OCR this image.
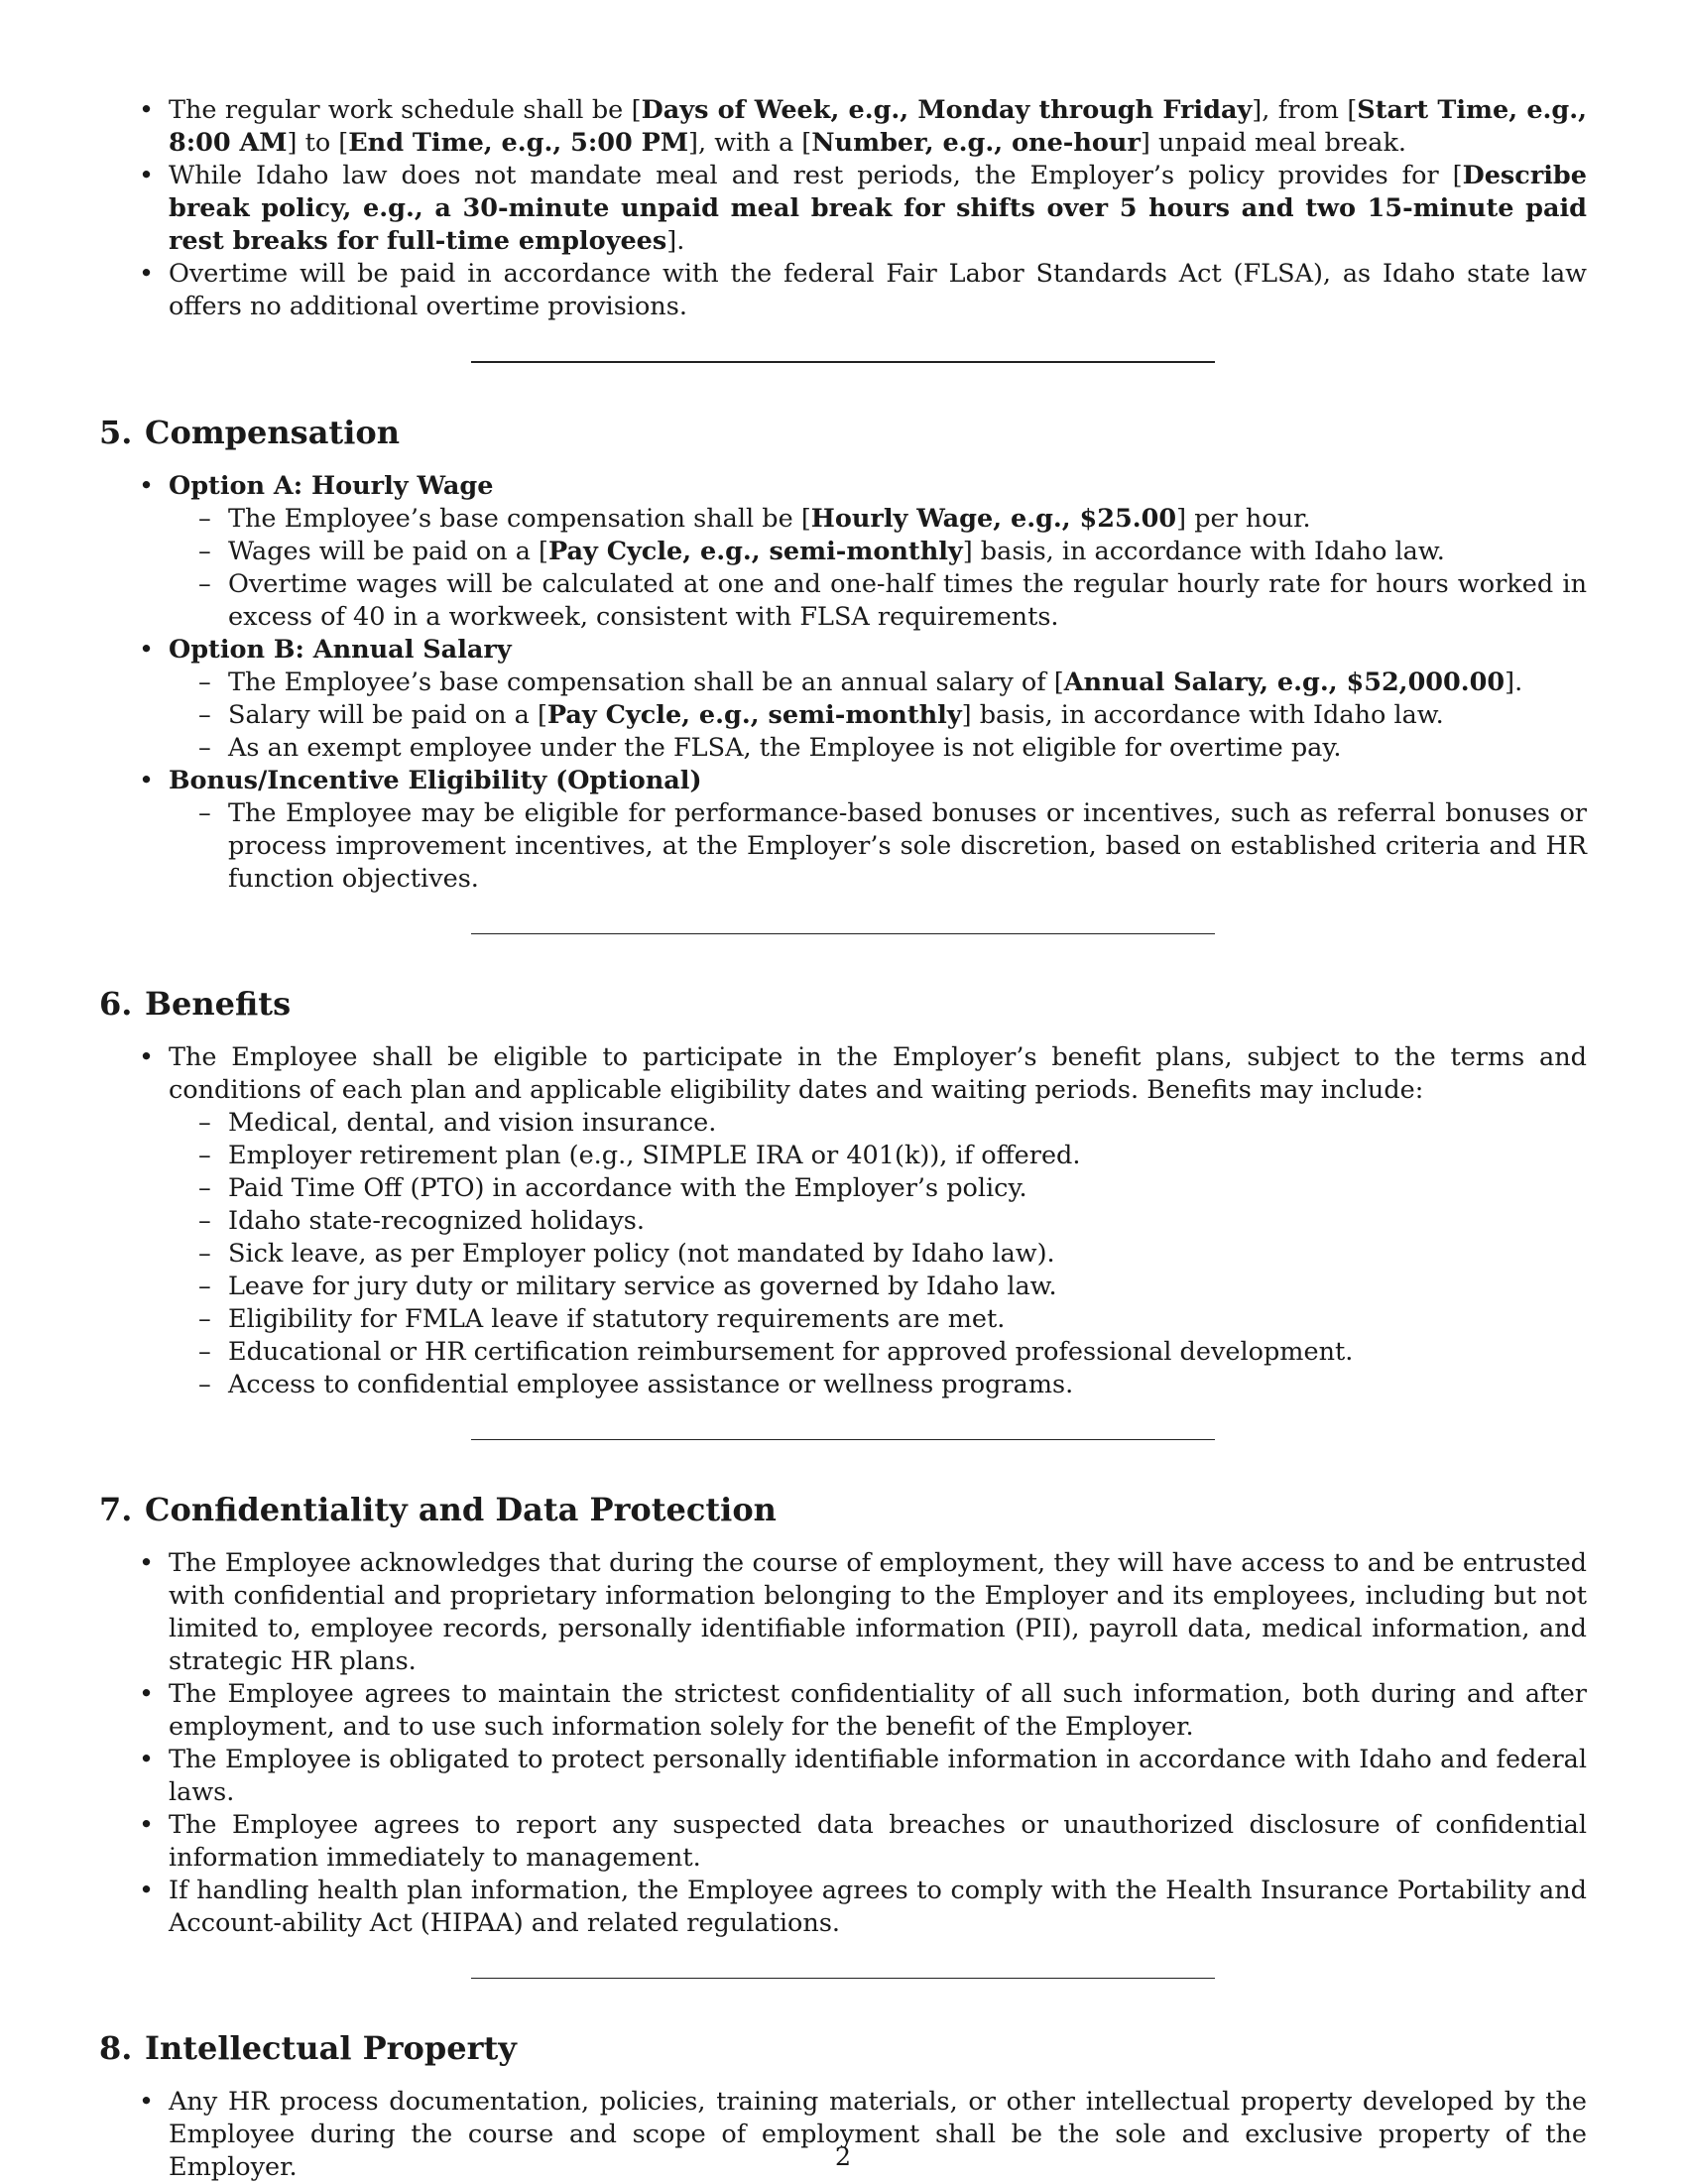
• The regular work schedule shall be [Days of Week, e.g., Monday through Friday], from [Start Time, e.g., 8:00 AM] to [End Time, e.g., 5:00 PM], with a [Number, e.g., one-hour] unpaid meal break.
• While Idaho law does not mandate meal and rest periods, the Employer’s policy provides for [Describe break policy, e.g., a 30-minute unpaid meal break for shifts over 5 hours and two 15-minute paid rest breaks for full-time employees].
• Overtime will be paid in accordance with the federal Fair Labor Standards Act (FLSA), as Idaho state law offers no additional overtime provisions.
5. Compensation
• Option A: Hourly Wage
– The Employee’s base compensation shall be [Hourly Wage, e.g., $25.00] per hour.
– Wages will be paid on a [Pay Cycle, e.g., semi-monthly] basis, in accordance with Idaho law.
– Overtime wages will be calculated at one and one-half times the regular hourly rate for hours worked in excess of 40 in a workweek, consistent with FLSA requirements.
• Option B: Annual Salary
– The Employee’s base compensation shall be an annual salary of [Annual Salary, e.g., $52,000.00].
– Salary will be paid on a [Pay Cycle, e.g., semi-monthly] basis, in accordance with Idaho law.
– As an exempt employee under the FLSA, the Employee is not eligible for overtime pay.
• Bonus/Incentive Eligibility (Optional)
– The Employee may be eligible for performance-based bonuses or incentives, such as referral bonuses or process improvement incentives, at the Employer’s sole discretion, based on established criteria and HR function objectives.
6. Benefits
• The Employee shall be eligible to participate in the Employer’s benefit plans, subject to the terms and conditions of each plan and applicable eligibility dates and waiting periods. Benefits may include:
– Medical, dental, and vision insurance.
– Employer retirement plan (e.g., SIMPLE IRA or 401(k)), if offered.
– Paid Time Off (PTO) in accordance with the Employer’s policy.
– Idaho state-recognized holidays.
– Sick leave, as per Employer policy (not mandated by Idaho law).
– Leave for jury duty or military service as governed by Idaho law.
– Eligibility for FMLA leave if statutory requirements are met.
– Educational or HR certification reimbursement for approved professional development.
– Access to confidential employee assistance or wellness programs.
7. Confidentiality and Data Protection
• The Employee acknowledges that during the course of employment, they will have access to and be entrusted with confidential and proprietary information belonging to the Employer and its employees, including but not limited to, employee records, personally identifiable information (PII), payroll data, medical information, and strategic HR plans.
• The Employee agrees to maintain the strictest confidentiality of all such information, both during and after employment, and to use such information solely for the benefit of the Employer.
• The Employee is obligated to protect personally identifiable information in accordance with Idaho and federal laws.
• The Employee agrees to report any suspected data breaches or unauthorized disclosure of confidential information immediately to management.
• If handling health plan information, the Employee agrees to comply with the Health Insurance Portability and Account-ability Act (HIPAA) and related regulations.
8. Intellectual Property
• Any HR process documentation, policies, training materials, or other intellectual property developed by the Employee during the course and scope of employment shall be the sole and exclusive property of the Employer.	2
